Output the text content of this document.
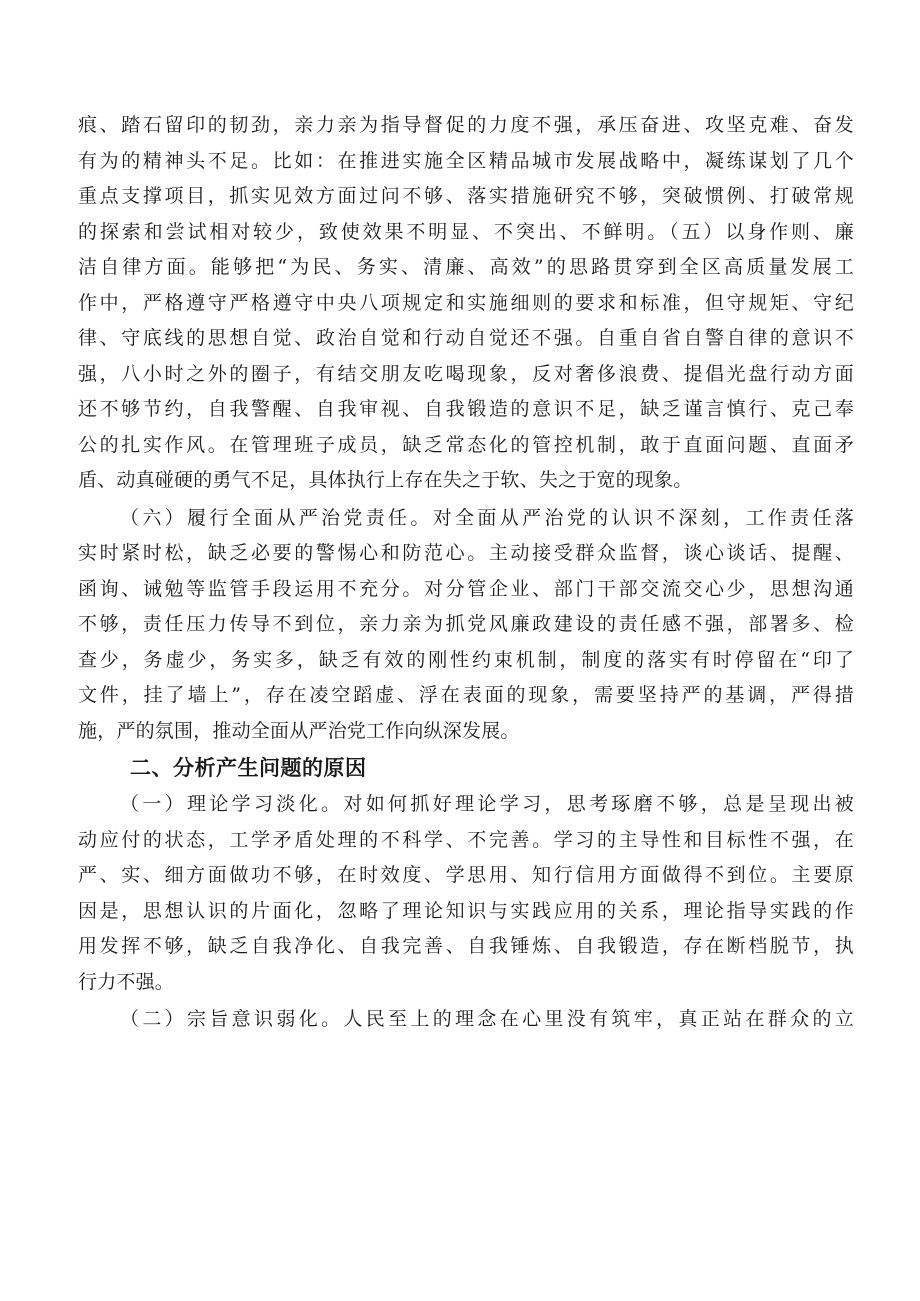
痕、踏石留印的韧劲，亲力亲为指导督促的力度不强，承压奋进、攻坚克难、奋发
有为的精神头不足。比如：在推进实施全区精品城市发展战略中，凝练谋划了几个
重点支撑项目，抓实见效方面过问不够、落实措施研究不够，突破惯例、打破常规
的探索和尝试相对较少，致使效果不明显、不突出、不鲜明。（五）以身作则、廉
洁自律方面。能够把“为民、务实、清廉、高效”的思路贯穿到全区高质量发展工
作中，严格遵守严格遵守中央八项规定和实施细则的要求和标准，但守规矩、守纪
律、守底线的思想自觉、政治自觉和行动自觉还不强。自重自省自警自律的意识不
强，八小时之外的圈子，有结交朋友吃喝现象，反对奢侈浪费、提倡光盘行动方面
还不够节约，自我警醒、自我审视、自我锻造的意识不足，缺乏谨言慎行、克己奉
公的扎实作风。在管理班子成员，缺乏常态化的管控机制，敢于直面问题、直面矛
盾、动真碰硬的勇气不足，具体执行上存在失之于软、失之于宽的现象。
（六）履行全面从严治党责任。对全面从严治党的认识不深刻，工作责任落
实时紧时松，缺乏必要的警惕心和防范心。主动接受群众监督，谈心谈话、提醒、
函询、诫勉等监管手段运用不充分。对分管企业、部门干部交流交心少，思想沟通
不够，责任压力传导不到位，亲力亲为抓党风廉政建设的责任感不强，部署多、检
查少，务虚少，务实多，缺乏有效的刚性约束机制，制度的落实有时停留在“印了
文件，挂了墙上”，存在凌空蹈虚、浮在表面的现象，需要坚持严的基调，严得措
施，严的氛围，推动全面从严治党工作向纵深发展。
二、分析产生问题的原因
（一）理论学习淡化。对如何抓好理论学习，思考琢磨不够，总是呈现出被
动应付的状态，工学矛盾处理的不科学、不完善。学习的主导性和目标性不强，在
严、实、细方面做功不够，在时效度、学思用、知行信用方面做得不到位。主要原
因是，思想认识的片面化，忽略了理论知识与实践应用的关系，理论指导实践的作
用发挥不够，缺乏自我净化、自我完善、自我锤炼、自我锻造，存在断档脱节，执
行力不强。
（二）宗旨意识弱化。人民至上的理念在心里没有筑牢，真正站在群众的立
